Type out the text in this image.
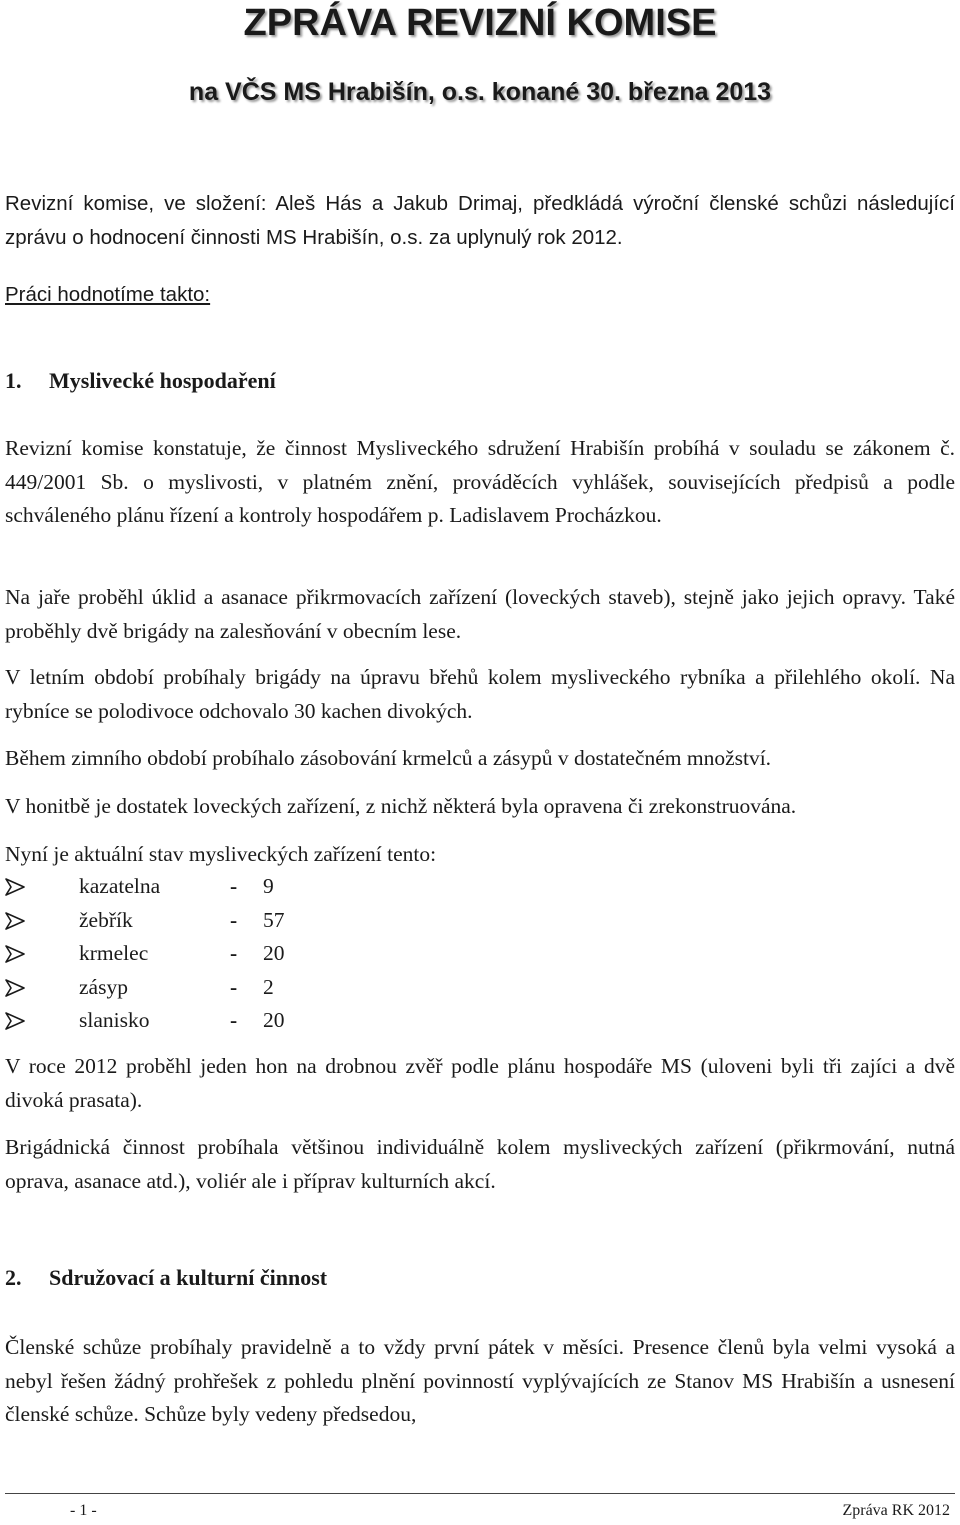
ZPRÁVA REVIZNÍ KOMISE
na VČS MS Hrabišín, o.s. konané 30. března 2013

Revizní komise, ve složení: Aleš Hás a Jakub Drimaj, předkládá výroční členské schůzi následující zprávu o hodnocení činnosti MS Hrabišín, o.s. za uplynulý rok 2012.

Práci hodnotíme takto:

1. Myslivecké hospodaření

Revizní komise konstatuje, že činnost Mysliveckého sdružení Hrabišín probíhá v souladu se zákonem č. 449/2001 Sb. o myslivosti, v platném znění, prováděcích vyhlášek, souvisejících předpisů a podle schváleného plánu řízení a kontroly hospodářem p. Ladislavem Procházkou.

Na jaře proběhl úklid a asanace přikrmovacích zařízení (loveckých staveb), stejně jako jejich opravy. Také proběhly dvě brigády na zalesňování v obecním lese.

V letním období probíhaly brigády na úpravu břehů kolem mysliveckého rybníka a přilehlého okolí. Na rybníce se polodivoce odchovalo 30 kachen divokých.

Během zimního období probíhalo zásobování krmelců a zásypů v dostatečném množství.

V honitbě je dostatek loveckých zařízení, z nichž některá byla opravena či zrekonstruována.

Nyní je aktuální stav mysliveckých zařízení tento:

kazatelna	- 9
žebřík	- 57
krmelec	- 20
zásyp	- 2
slanisko	- 20

V roce 2012 proběhl jeden hon na drobnou zvěř podle plánu hospodáře MS (uloveni byli tři zajíci a dvě divoká prasata).

Brigádnická činnost probíhala většinou individuálně kolem mysliveckých zařízení (přikrmování, nutná oprava, asanace atd.), voliér ale i příprav kulturních akcí.

2. Sdružovací a kulturní činnost

Členské schůze probíhaly pravidelně a to vždy první pátek v měsíci. Presence členů byla velmi vysoká a nebyl řešen žádný prohřešek z pohledu plnění povinností vyplývajících ze Stanov MS Hrabišín a usnesení členské schůze. Schůze byly vedeny předsedou,

- 1 -	Zpráva RK 2012
